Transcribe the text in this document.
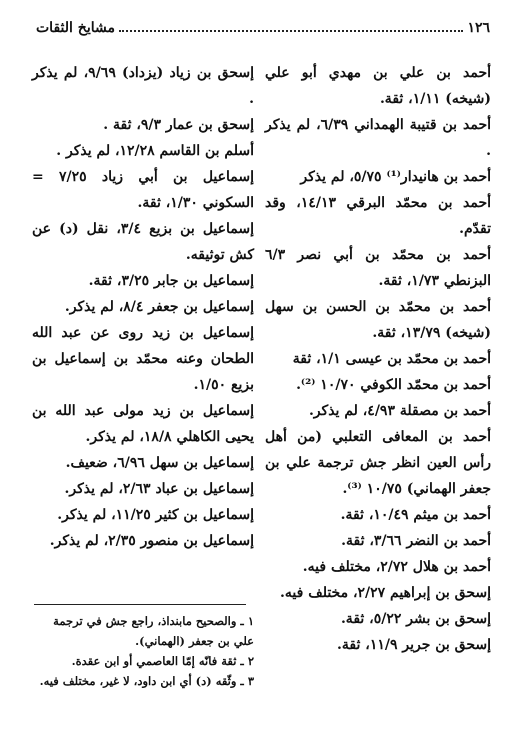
١٢٦
مشايخ الثقات

أحمد بن علي بن مهدي أبو علي (شيخه) ١/١١، ثقة.

أحمد بن قتيبة الهمداني ٦/٣٩، لم يذكر .

أحمد بن هانيدار⁽¹⁾ ٥/٧٥، لم يذكر

أحمد بن محمّد البرقي ١٤/١٣، وقد تقدّم.

أحمد بن محمّد بن أبي نصر ٦/٣ البزنطي ١/٧٣، ثقة.

أحمد بن محمّد بن الحسن بن سهل (شيخه) ١٣/٧٩، ثقة.

أحمد بن محمّد بن عيسى ١/١، ثقة

أحمد بن محمّد الكوفي ١٠/٧٠ ⁽²⁾.

أحمد بن مصقلة ٤/٩٣، لم يذكر.

أحمد بن المعافى التعلبي (من أهل رأس العين انظر جش ترجمة علي بن جعفر الهماني) ١٠/٧٥ ⁽³⁾.

أحمد بن ميثم ١٠/٤٩، ثقة.

أحمد بن النضر ٣/٦٦، ثقة.

أحمد بن هلال ٢/٧٢، مختلف فيه.

إسحق بن إبراهيم ٢/٢٧، مختلف فيه.

إسحق بن بشر ٥/٢٢، ثقة.

إسحق بن جرير ١١/٩، ثقة.

إسحق بن زياد (يزداد) ٩/٦٩، لم يذكر .

إسحق بن عمار ٩/٣، ثقة .

أسلم بن القاسم ١٢/٢٨، لم يذكر .

إسماعيل بن أبي زياد ٧/٢٥ = السكوني ١/٣٠، ثقة.

إسماعيل بن بزيع ٣/٤، نقل (د) عن كش توثيقه.

إسماعيل بن جابر ٣/٢٥، ثقة.

إسماعيل بن جعفر ٨/٤، لم يذكر.

إسماعيل بن زيد روى عن عبد الله الطحان وعنه محمّد بن إسماعيل بن بزيع ١/٥٠.

إسماعيل بن زيد مولى عبد الله بن يحيى الكاهلي ١٨/٨، لم يذكر.

إسماعيل بن سهل ٦/٩٦، ضعيف.

إسماعيل بن عباد ٢/٦٣، لم يذكر.

إسماعيل بن كثير ١١/٢٥، لم يذكر.

إسماعيل بن منصور ٢/٣٥، لم يذكر.

١ ـ والصحيح مابنداذ، راجع جش في ترجمة علي بن جعفر (الهماني).

٢ ـ ثقة فانّه إمّا العاصمي أو ابن عقدة.

٣ ـ وثّقه (د) أي ابن داود، لا غير، مختلف فيه.
